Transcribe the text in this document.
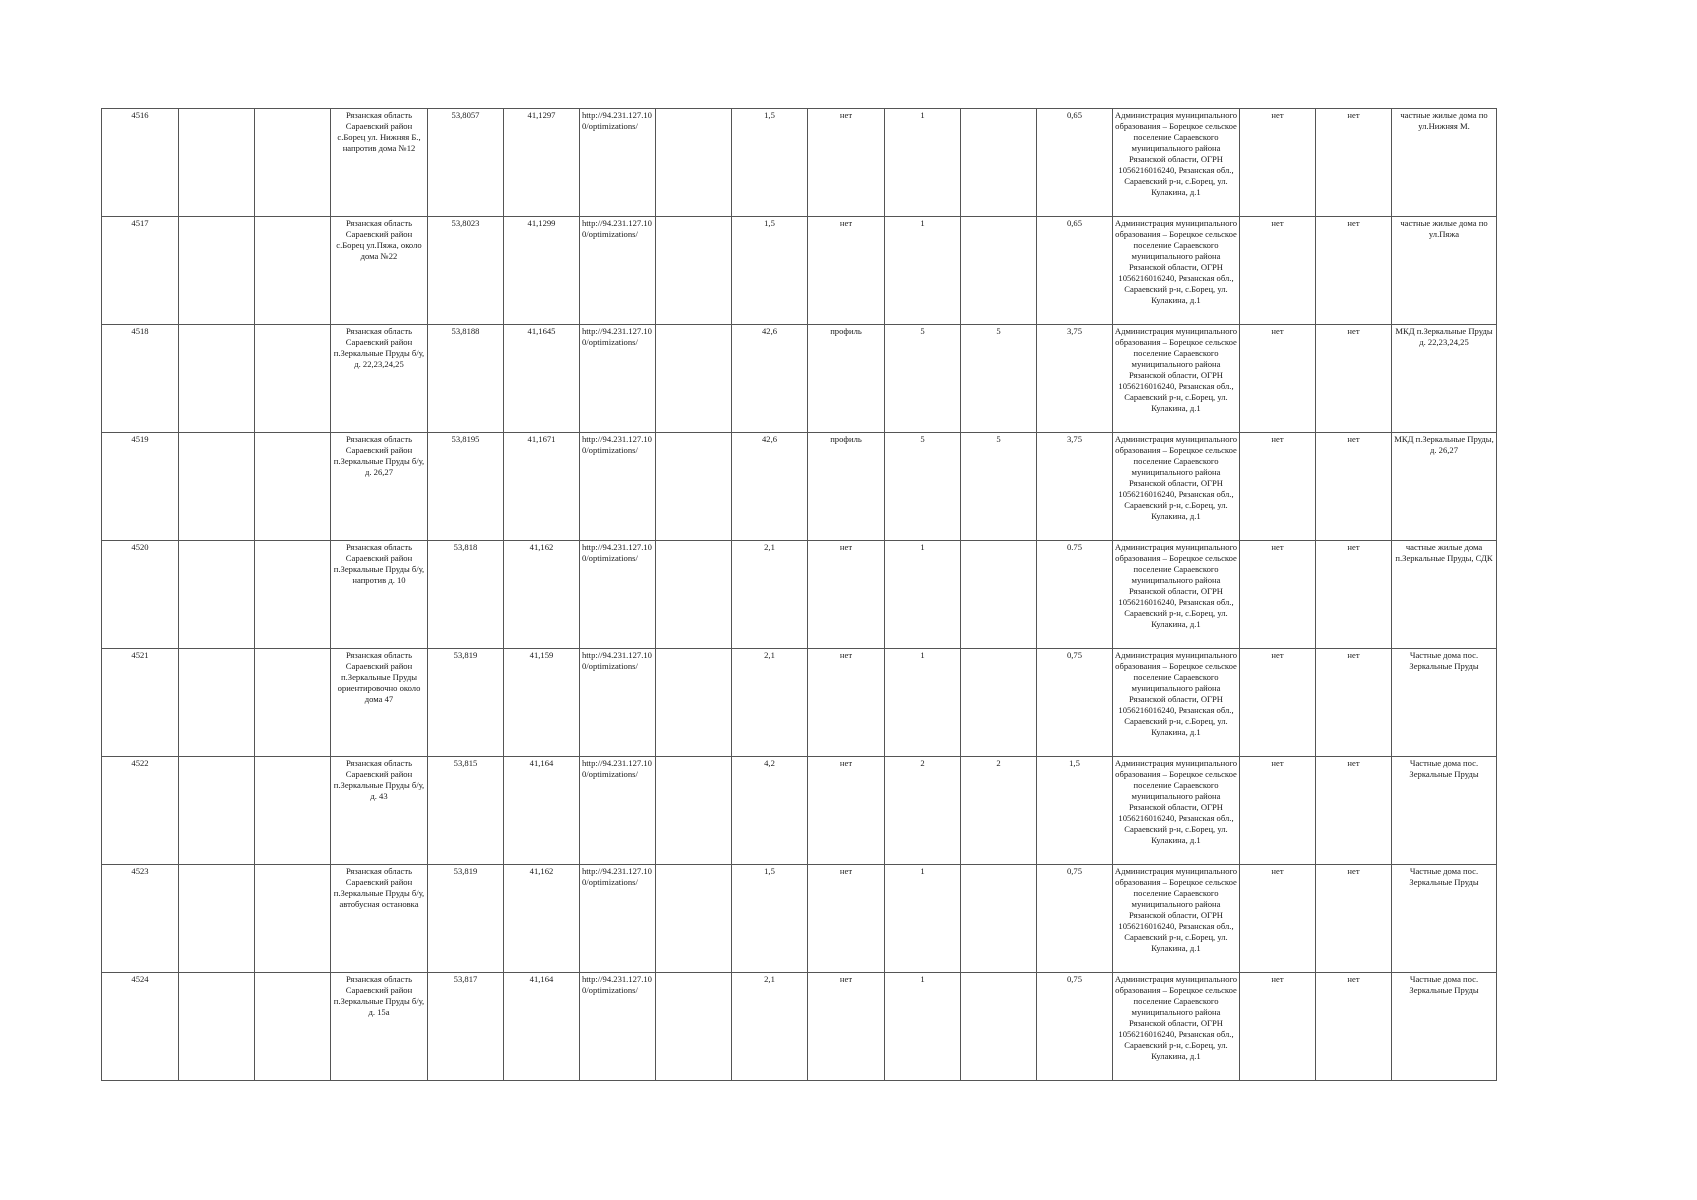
4516			Рязанская область Сараевский район с.Борец ул. Нижняя Б., напротив дома №12	53,8057	41,1297	http://94.231.127.10 0/optimizations/		1,5	нет	1		0,65	Администрация муниципального образования – Борецкое сельское поселение Сараевского муниципального района Рязанской области, ОГРН 1056216016240, Рязанская обл., Сараевский р-н, с.Борец, ул. Кулакина, д.1	нет	нет	частные жилые дома по ул.Нижняя М.
4517			Рязанская область Сараевский район с.Борец ул.Пяжа, около дома №22	53,8023	41,1299	http://94.231.127.10 0/optimizations/		1,5	нет	1		0,65	Администрация муниципального образования – Борецкое сельское поселение Сараевского муниципального района Рязанской области, ОГРН 1056216016240, Рязанская обл., Сараевский р-н, с.Борец, ул. Кулакина, д.1	нет	нет	частные жилые дома по ул.Пяжа
4518			Рязанская область Сараевский район п.Зеркальные Пруды б/у, д. 22,23,24,25	53,8188	41,1645	http://94.231.127.10 0/optimizations/		42,6	профиль	5	5	3,75	Администрация муниципального образования – Борецкое сельское поселение Сараевского муниципального района Рязанской области, ОГРН 1056216016240, Рязанская обл., Сараевский р-н, с.Борец, ул. Кулакина, д.1	нет	нет	МКД п.Зеркальные Пруды д. 22,23,24,25
4519			Рязанская область Сараевский район п.Зеркальные Пруды б/у, д. 26,27	53,8195	41,1671	http://94.231.127.10 0/optimizations/		42,6	профиль	5	5	3,75	Администрация муниципального образования – Борецкое сельское поселение Сараевского муниципального района Рязанской области, ОГРН 1056216016240, Рязанская обл., Сараевский р-н, с.Борец, ул. Кулакина, д.1	нет	нет	МКД п.Зеркальные Пруды, д. 26,27
4520			Рязанская область Сараевский район п.Зеркальные Пруды б/у, напротив д. 10	53,818	41,162	http://94.231.127.10 0/optimizations/		2,1	нет	1		0.75	Администрация муниципального образования – Борецкое сельское поселение Сараевского муниципального района Рязанской области, ОГРН 1056216016240, Рязанская обл., Сараевский р-н, с.Борец, ул. Кулакина, д.1	нет	нет	частные жилые дома п.Зеркальные Пруды, СДК
4521			Рязанская область Сараевский район п.Зеркальные Пруды ориентировочно около дома 47	53,819	41,159	http://94.231.127.10 0/optimizations/		2,1	нет	1		0,75	Администрация муниципального образования – Борецкое сельское поселение Сараевского муниципального района Рязанской области, ОГРН 1056216016240, Рязанская обл., Сараевский р-н, с.Борец, ул. Кулакина, д.1	нет	нет	Частные дома пос. Зеркальные Пруды
4522			Рязанская область Сараевский район п.Зеркальные Пруды б/у, д. 43	53,815	41,164	http://94.231.127.10 0/optimizations/		4,2	нет	2	2	1,5	Администрация муниципального образования – Борецкое сельское поселение Сараевского муниципального района Рязанской области, ОГРН 1056216016240, Рязанская обл., Сараевский р-н, с.Борец, ул. Кулакина, д.1	нет	нет	Частные дома пос. Зеркальные Пруды
4523			Рязанская область Сараевский район п.Зеркальные Пруды б/у, автобусная остановка	53,819	41,162	http://94.231.127.10 0/optimizations/		1,5	нет	1		0,75	Администрация муниципального образования – Борецкое сельское поселение Сараевского муниципального района Рязанской области, ОГРН 1056216016240, Рязанская обл., Сараевский р-н, с.Борец, ул. Кулакина, д.1	нет	нет	Частные дома пос. Зеркальные Пруды
4524			Рязанская область Сараевский район п.Зеркальные Пруды б/у, д. 15а	53,817	41,164	http://94.231.127.10 0/optimizations/		2,1	нет	1		0,75	Администрация муниципального образования – Борецкое сельское поселение Сараевского муниципального района Рязанской области, ОГРН 1056216016240, Рязанская обл., Сараевский р-н, с.Борец, ул. Кулакина, д.1	нет	нет	Частные дома пос. Зеркальные Пруды
